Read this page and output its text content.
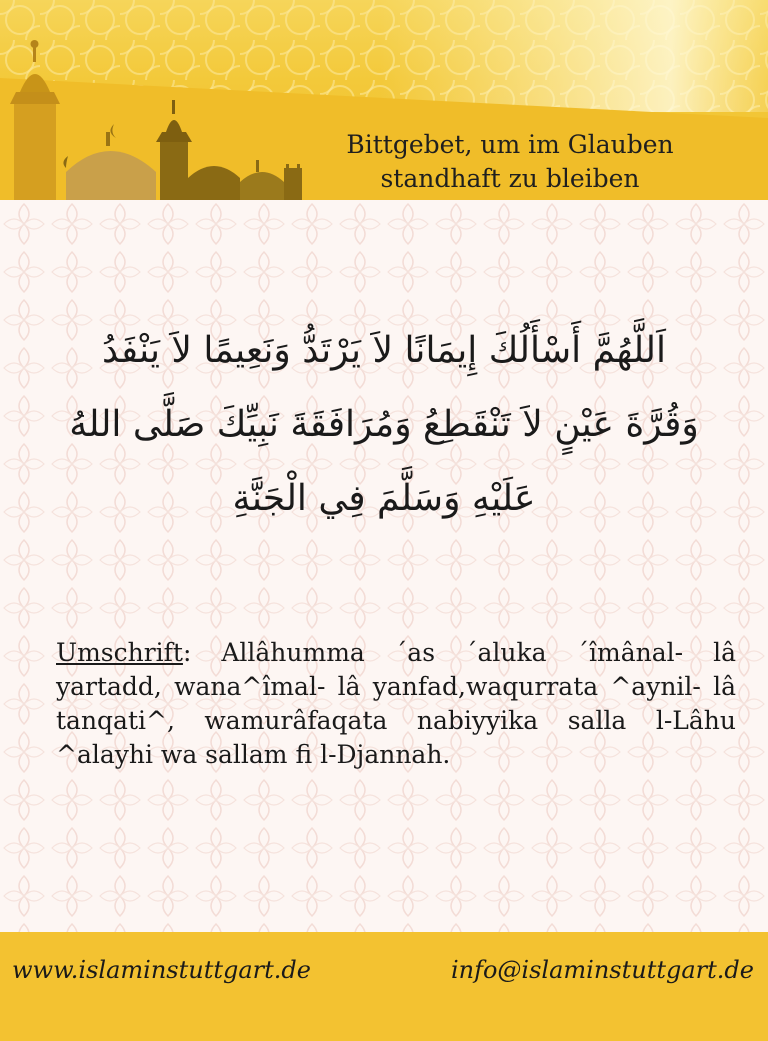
Bittgebet, um im Glauben
standhaft zu bleiben
اَللَّهُمَّ أَسْأَلُكَ إِيمَانًا لاَ يَرْتَدُّ وَنَعِيمًا لاَ يَنْفَدُ وَقُرَّةَ عَيْنٍ لاَ تَنْقَطِعُ وَمُرَافَقَةَ نَبِيِّكَ صَلَّى اللهُ عَلَيْهِ وَسَلَّمَ فِي الْجَنَّةِ
Umschrift: Allâhumma ´as ´aluka ´îmânal- lâ yartadd, wana^îmal- lâ yanfad,waqurrata ^aynil- lâ tanqati^, wamurâfaqata nabiyyika salla l-Lâhu ^alayhi wa sallam fi l-Djannah.
www.islaminstuttgart.de	info@islaminstuttgart.de
